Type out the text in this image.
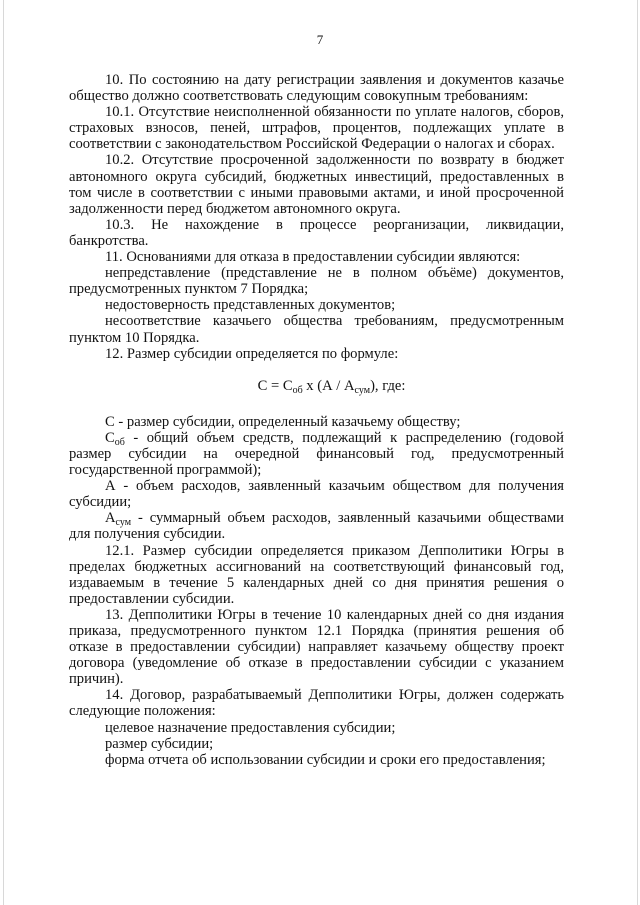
7

10. По состоянию на дату регистрации заявления и документов казачье общество должно соответствовать следующим совокупным требованиям:

10.1. Отсутствие неисполненной обязанности по уплате налогов, сборов, страховых взносов, пеней, штрафов, процентов, подлежащих уплате в соответствии с законодательством Российской Федерации о налогах и сборах.

10.2. Отсутствие просроченной задолженности по возврату в бюджет автономного округа субсидий, бюджетных инвестиций, предоставленных в том числе в соответствии с иными правовыми актами, и иной просроченной задолженности перед бюджетом автономного округа.

10.3. Не нахождение в процессе реорганизации, ликвидации, банкротства.

11. Основаниями для отказа в предоставлении субсидии являются:

непредставление (представление не в полном объёме) документов, предусмотренных пунктом 7 Порядка;

недостоверность представленных документов;

несоответствие казачьего общества требованиям, предусмотренным пунктом 10 Порядка.

12. Размер субсидии определяется по формуле:

$С = С_{об}$ х $(А / А_{сум})$, где:

С - размер субсидии, определенный казачьему обществу;

$С_{об}$ - общий объем средств, подлежащий к распределению (годовой размер субсидии на очередной финансовый год, предусмотренный государственной программой);

А - объем расходов, заявленный казачьим обществом для получения субсидии;

$А_{сум}$ - суммарный объем расходов, заявленный казачьими обществами для получения субсидии.

12.1. Размер субсидии определяется приказом Депполитики Югры в пределах бюджетных ассигнований на соответствующий финансовый год, издаваемым в течение 5 календарных дней со дня принятия решения о предоставлении субсидии.

13. Депполитики Югры в течение 10 календарных дней со дня издания приказа, предусмотренного пунктом 12.1 Порядка (принятия решения об отказе в предоставлении субсидии) направляет казачьему обществу проект договора (уведомление об отказе в предоставлении субсидии с указанием причин).

14. Договор, разрабатываемый Депполитики Югры, должен содержать следующие положения:

целевое назначение предоставления субсидии;

размер субсидии;

форма отчета об использовании субсидии и сроки его предоставления;
